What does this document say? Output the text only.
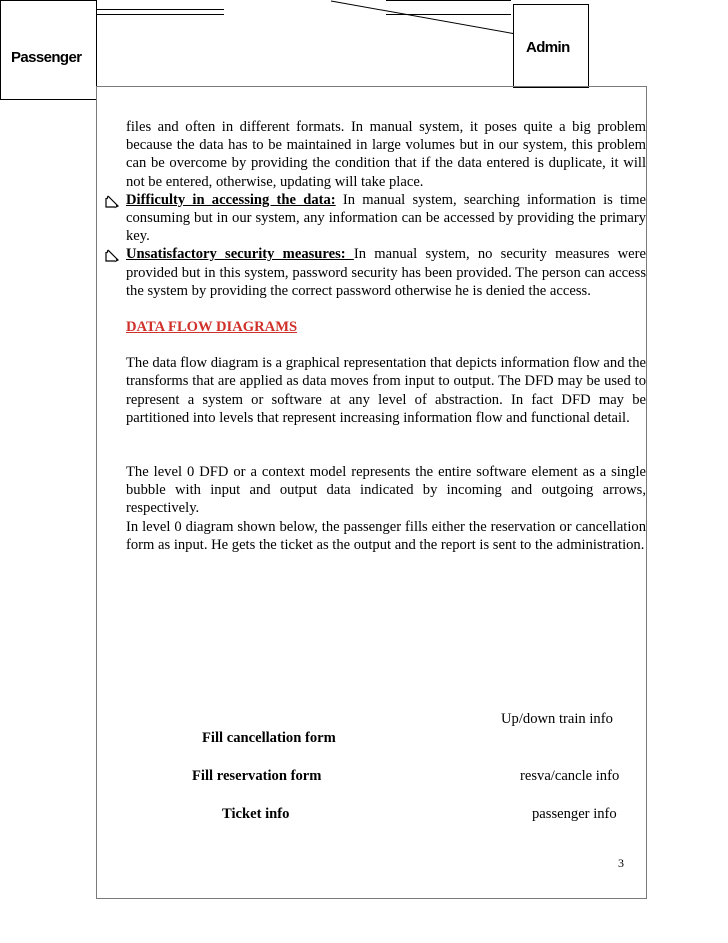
Passenger
Admin

files and often in different formats. In manual system, it poses quite a big problem because the data has to be maintained in large volumes but in our system, this problem can be overcome by providing the condition that if the data entered is duplicate, it will not be entered, otherwise, updating will take place.

Difficulty in accessing the data: In manual system, searching information is time consuming but in our system, any information can be accessed by providing the primary key.

Unsatisfactory security measures: In manual system, no security measures were provided but in this system, password security has been provided. The person can access the system by providing the correct password otherwise he is denied the access.

DATA FLOW DIAGRAMS

The data flow diagram is a graphical representation that depicts information flow and the transforms that are applied as data moves from input to output. The DFD may be used to represent a system or software at any level of abstraction. In fact DFD may be partitioned into levels that represent increasing information flow and functional detail.

The level 0 DFD or a context model represents the entire software element as a single bubble with input and output data indicated by incoming and outgoing arrows, respectively.

In level 0 diagram shown below, the passenger fills either the reservation or cancellation form as input. He gets the ticket as the output and the report is sent to the administration.

Up/down train info
Fill cancellation form
Fill reservation form	resva/cancle info
Ticket info	passenger info
3
